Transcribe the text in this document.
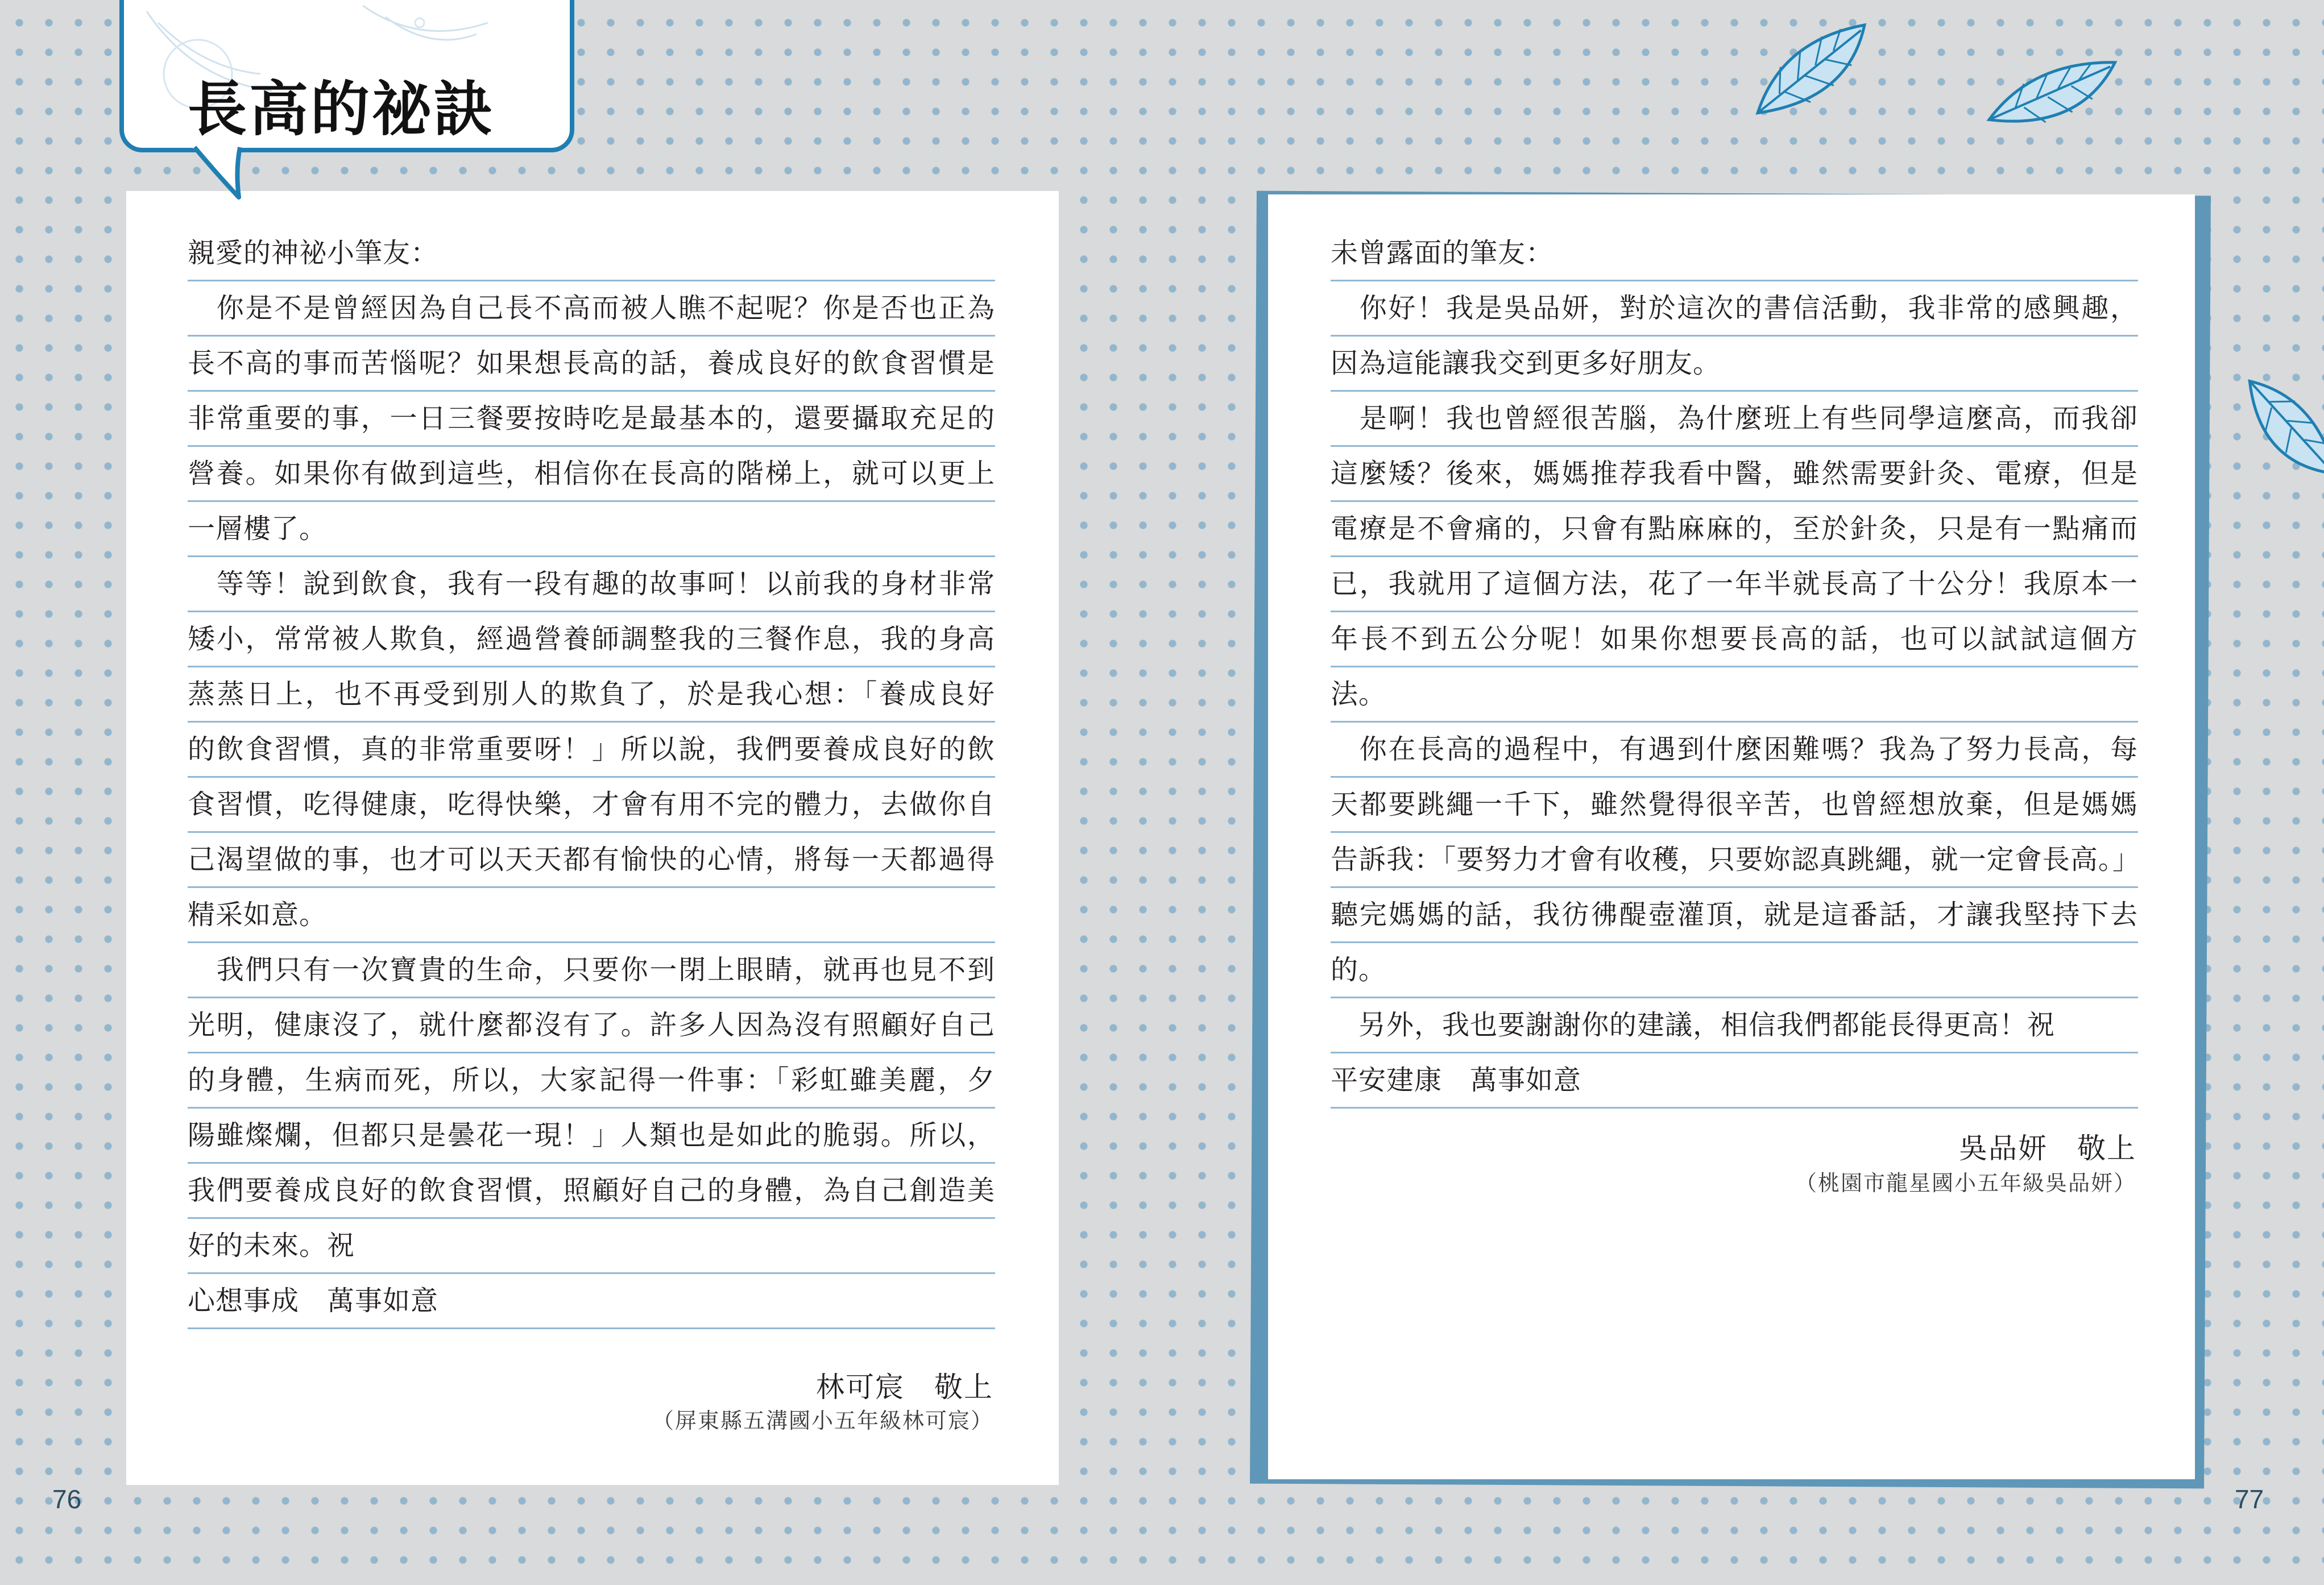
長高的祕訣
親愛的神祕小筆友：
　你是不是曾經因為自己長不高而被人瞧不起呢？你是否也正為
長不高的事而苦惱呢？如果想長高的話，養成良好的飲食習慣是
非常重要的事，一日三餐要按時吃是最基本的，還要攝取充足的
營養。如果你有做到這些，相信你在長高的階梯上，就可以更上
一層樓了。
　等等！說到飲食，我有一段有趣的故事呵！以前我的身材非常
矮小，常常被人欺負，經過營養師調整我的三餐作息，我的身高
蒸蒸日上，也不再受到別人的欺負了，於是我心想：「養成良好
的飲食習慣，真的非常重要呀！」所以說，我們要養成良好的飲
食習慣，吃得健康，吃得快樂，才會有用不完的體力，去做你自
己渴望做的事，也才可以天天都有愉快的心情，將每一天都過得
精采如意。
　我們只有一次寶貴的生命，只要你一閉上眼睛，就再也見不到
光明，健康沒了，就什麼都沒有了。許多人因為沒有照顧好自己
的身體，生病而死，所以，大家記得一件事：「彩虹雖美麗，夕
陽雖燦爛，但都只是曇花一現！」人類也是如此的脆弱。所以，
我們要養成良好的飲食習慣，照顧好自己的身體，為自己創造美
好的未來。祝
心想事成　萬事如意
林可宸　敬上
（屏東縣五溝國小五年級林可宸）
未曾露面的筆友：
　你好！我是吳品妍，對於這次的書信活動，我非常的感興趣，
因為這能讓我交到更多好朋友。
　是啊！我也曾經很苦腦，為什麼班上有些同學這麼高，而我卻
這麼矮？後來，媽媽推荐我看中醫，雖然需要針灸、電療，但是
電療是不會痛的，只會有點麻麻的，至於針灸，只是有一點痛而
已，我就用了這個方法，花了一年半就長高了十公分！我原本一
年長不到五公分呢！如果你想要長高的話，也可以試試這個方
法。
　你在長高的過程中，有遇到什麼困難嗎？我為了努力長高，每
天都要跳繩一千下，雖然覺得很辛苦，也曾經想放棄，但是媽媽
告訴我：「要努力才會有收穫，只要妳認真跳繩，就一定會長高。」
聽完媽媽的話，我彷彿醍壺灌頂，就是這番話，才讓我堅持下去
的。
　另外，我也要謝謝你的建議，相信我們都能長得更高！祝
平安建康　萬事如意
吳品妍　敬上
（桃園市龍星國小五年級吳品妍）
76	77
